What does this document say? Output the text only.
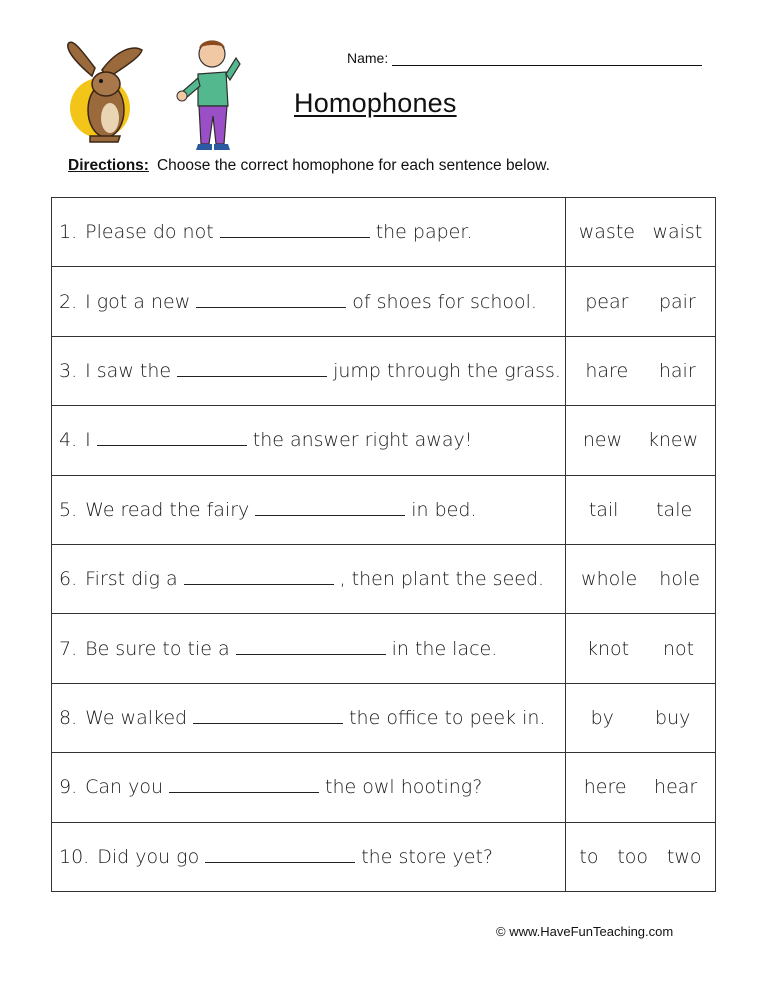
Name:
Homophones
Directions: Choose the correct homophone for each sentence below.
1. Please do not the paper.	waste waist

2. I got a new of shoes for school.	pear pair

3. I saw the jump through the grass.	hare hair

4. I the answer right away!	new knew

5. We read the fairy in bed.	tail tale

6. First dig a , then plant the seed.	whole hole

7. Be sure to tie a in the lace.	knot not

8. We walked the office to peek in.	by buy

9. Can you the owl hooting?	here hear

10. Did you go the store yet?	to too two
© www.HaveFunTeaching.com
